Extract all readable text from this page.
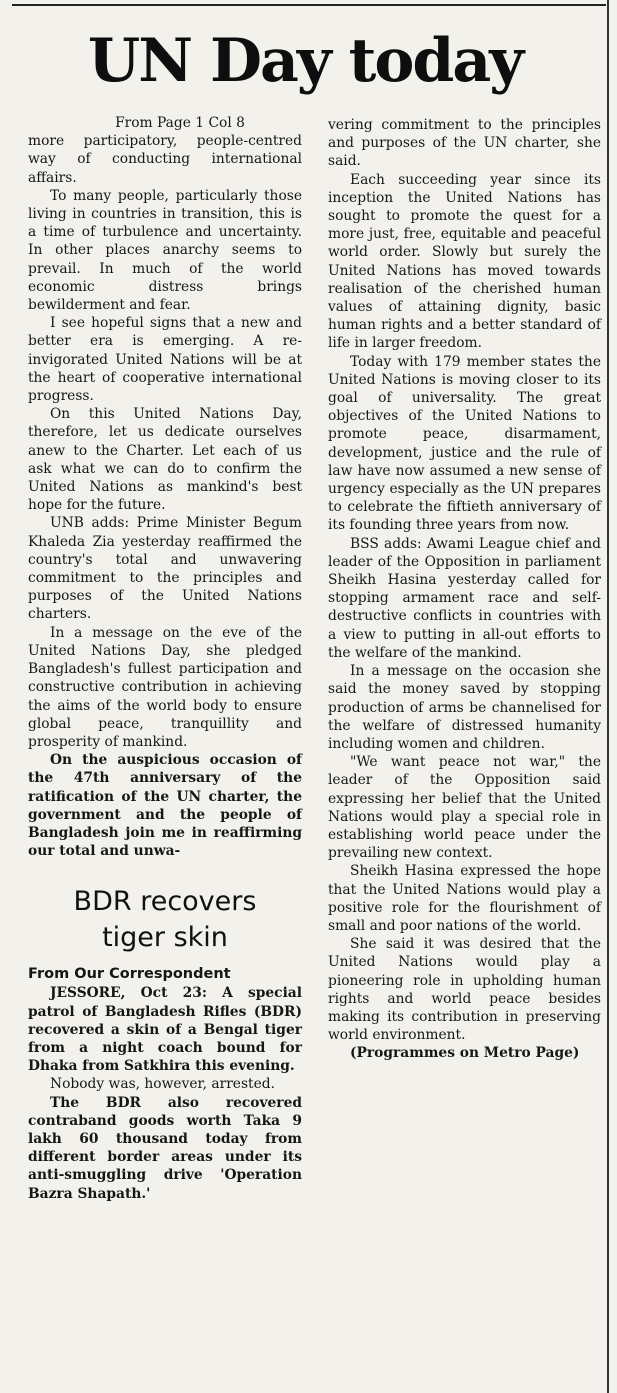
UN Day today

From Page 1 Col 8

more participatory, people-centred way of conducting international affairs.

To many people, particularly those living in countries in transition, this is a time of turbulence and uncertainty. In other places anarchy seems to prevail. In much of the world economic distress brings bewilderment and fear.

I see hopeful signs that a new and better era is emerging. A re-invigorated United Nations will be at the heart of cooperative international progress.

On this United Nations Day, therefore, let us dedicate ourselves anew to the Charter. Let each of us ask what we can do to confirm the United Nations as mankind's best hope for the future.

UNB adds: Prime Minister Begum Khaleda Zia yesterday reaffirmed the country's total and unwavering commitment to the principles and purposes of the United Nations charters.

In a message on the eve of the United Nations Day, she pledged Bangladesh's fullest participation and constructive contribution in achieving the aims of the world body to ensure global peace, tranquillity and prosperity of mankind.

On the auspicious occasion of the 47th anniversary of the ratification of the UN charter, the government and the people of Bangladesh join me in reaffirming our total and unwa-

BDR recovers
tiger skin

From Our Correspondent

JESSORE, Oct 23: A special patrol of Bangladesh Rifles (BDR) recovered a skin of a Bengal tiger from a night coach bound for Dhaka from Satkhira this evening.

Nobody was, however, arrested.

The BDR also recovered contraband goods worth Taka 9 lakh 60 thousand today from different border areas under its anti-smuggling drive 'Operation Bazra Shapath.'

vering commitment to the principles and purposes of the UN charter, she said.

Each succeeding year since its inception the United Nations has sought to promote the quest for a more just, free, equitable and peaceful world order. Slowly but surely the United Nations has moved towards realisation of the cherished human values of attaining dignity, basic human rights and a better standard of life in larger freedom.

Today with 179 member states the United Nations is moving closer to its goal of universality. The great objectives of the United Nations to promote peace, disarmament, development, justice and the rule of law have now assumed a new sense of urgency especially as the UN prepares to celebrate the fiftieth anniversary of its founding three years from now.

BSS adds: Awami League chief and leader of the Opposition in parliament Sheikh Hasina yesterday called for stopping armament race and self-destructive conflicts in countries with a view to putting in all-out efforts to the welfare of the mankind.

In a message on the occasion she said the money saved by stopping production of arms be channelised for the welfare of distressed humanity including women and children.

"We want peace not war," the leader of the Opposition said expressing her belief that the United Nations would play a special role in establishing world peace under the prevailing new context.

Sheikh Hasina expressed the hope that the United Nations would play a positive role for the flourishment of small and poor nations of the world.

She said it was desired that the United Nations would play a pioneering role in upholding human rights and world peace besides making its contribution in preserving world environment.

(Programmes on Metro Page)
